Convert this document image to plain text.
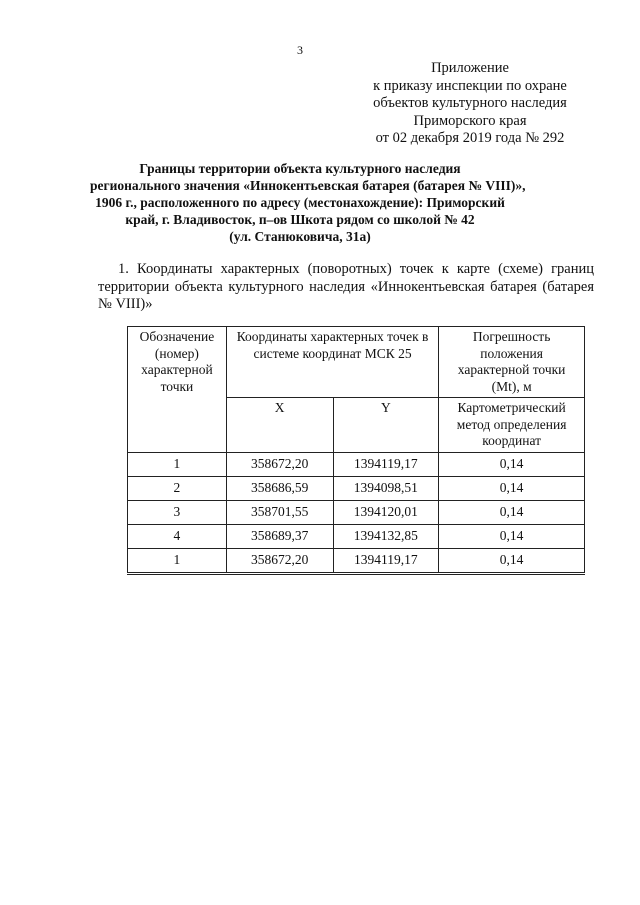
3
Приложение
к приказу инспекции по охране
объектов культурного наследия
Приморского края
от 02 декабря 2019 года № 292
Границы территории объекта культурного наследия
регионального значения «Иннокентьевская батарея (батарея № VIII)»,
1906 г., расположенного по адресу (местонахождение): Приморский
край, г. Владивосток, п–ов Шкота рядом со школой № 42
(ул. Станюковича, 31а)
1. Координаты характерных (поворотных) точек к карте (схеме) границ территории объекта культурного наследия «Иннокентьевская батарея (батарея № VIII)»
Обозначение (номер) характерной точки	Координаты характерных точек в системе координат МСК 25		Погрешность положения характерной точки (Mt), м
	X	Y	Картометрический метод определения координат
1	358672,20	1394119,17	0,14
2	358686,59	1394098,51	0,14
3	358701,55	1394120,01	0,14
4	358689,37	1394132,85	0,14
1	358672,20	1394119,17	0,14
